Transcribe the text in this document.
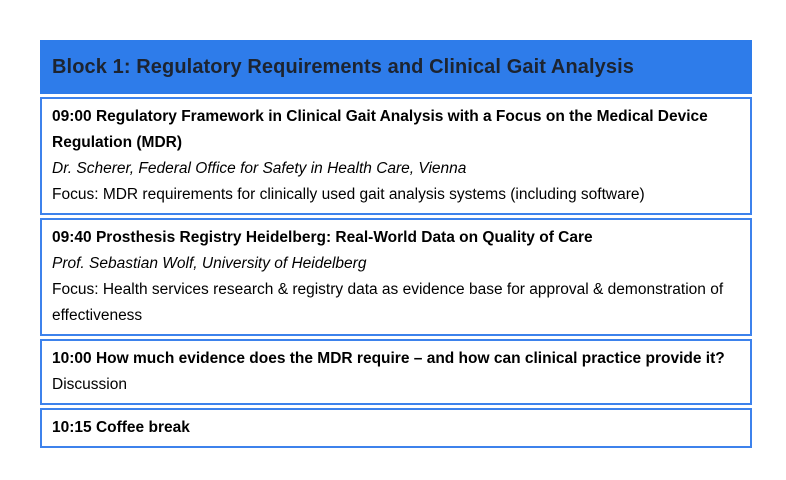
Block 1: Regulatory Requirements and Clinical Gait Analysis
09:00 Regulatory Framework in Clinical Gait Analysis with a Focus on the Medical Device Regulation (MDR)
Dr. Scherer, Federal Office for Safety in Health Care, Vienna
Focus: MDR requirements for clinically used gait analysis systems (including software)
09:40 Prosthesis Registry Heidelberg: Real-World Data on Quality of Care
Prof. Sebastian Wolf, University of Heidelberg
Focus: Health services research & registry data as evidence base for approval & demonstration of effectiveness
10:00 How much evidence does the MDR require – and how can clinical practice provide it?
Discussion
10:15 Coffee break
